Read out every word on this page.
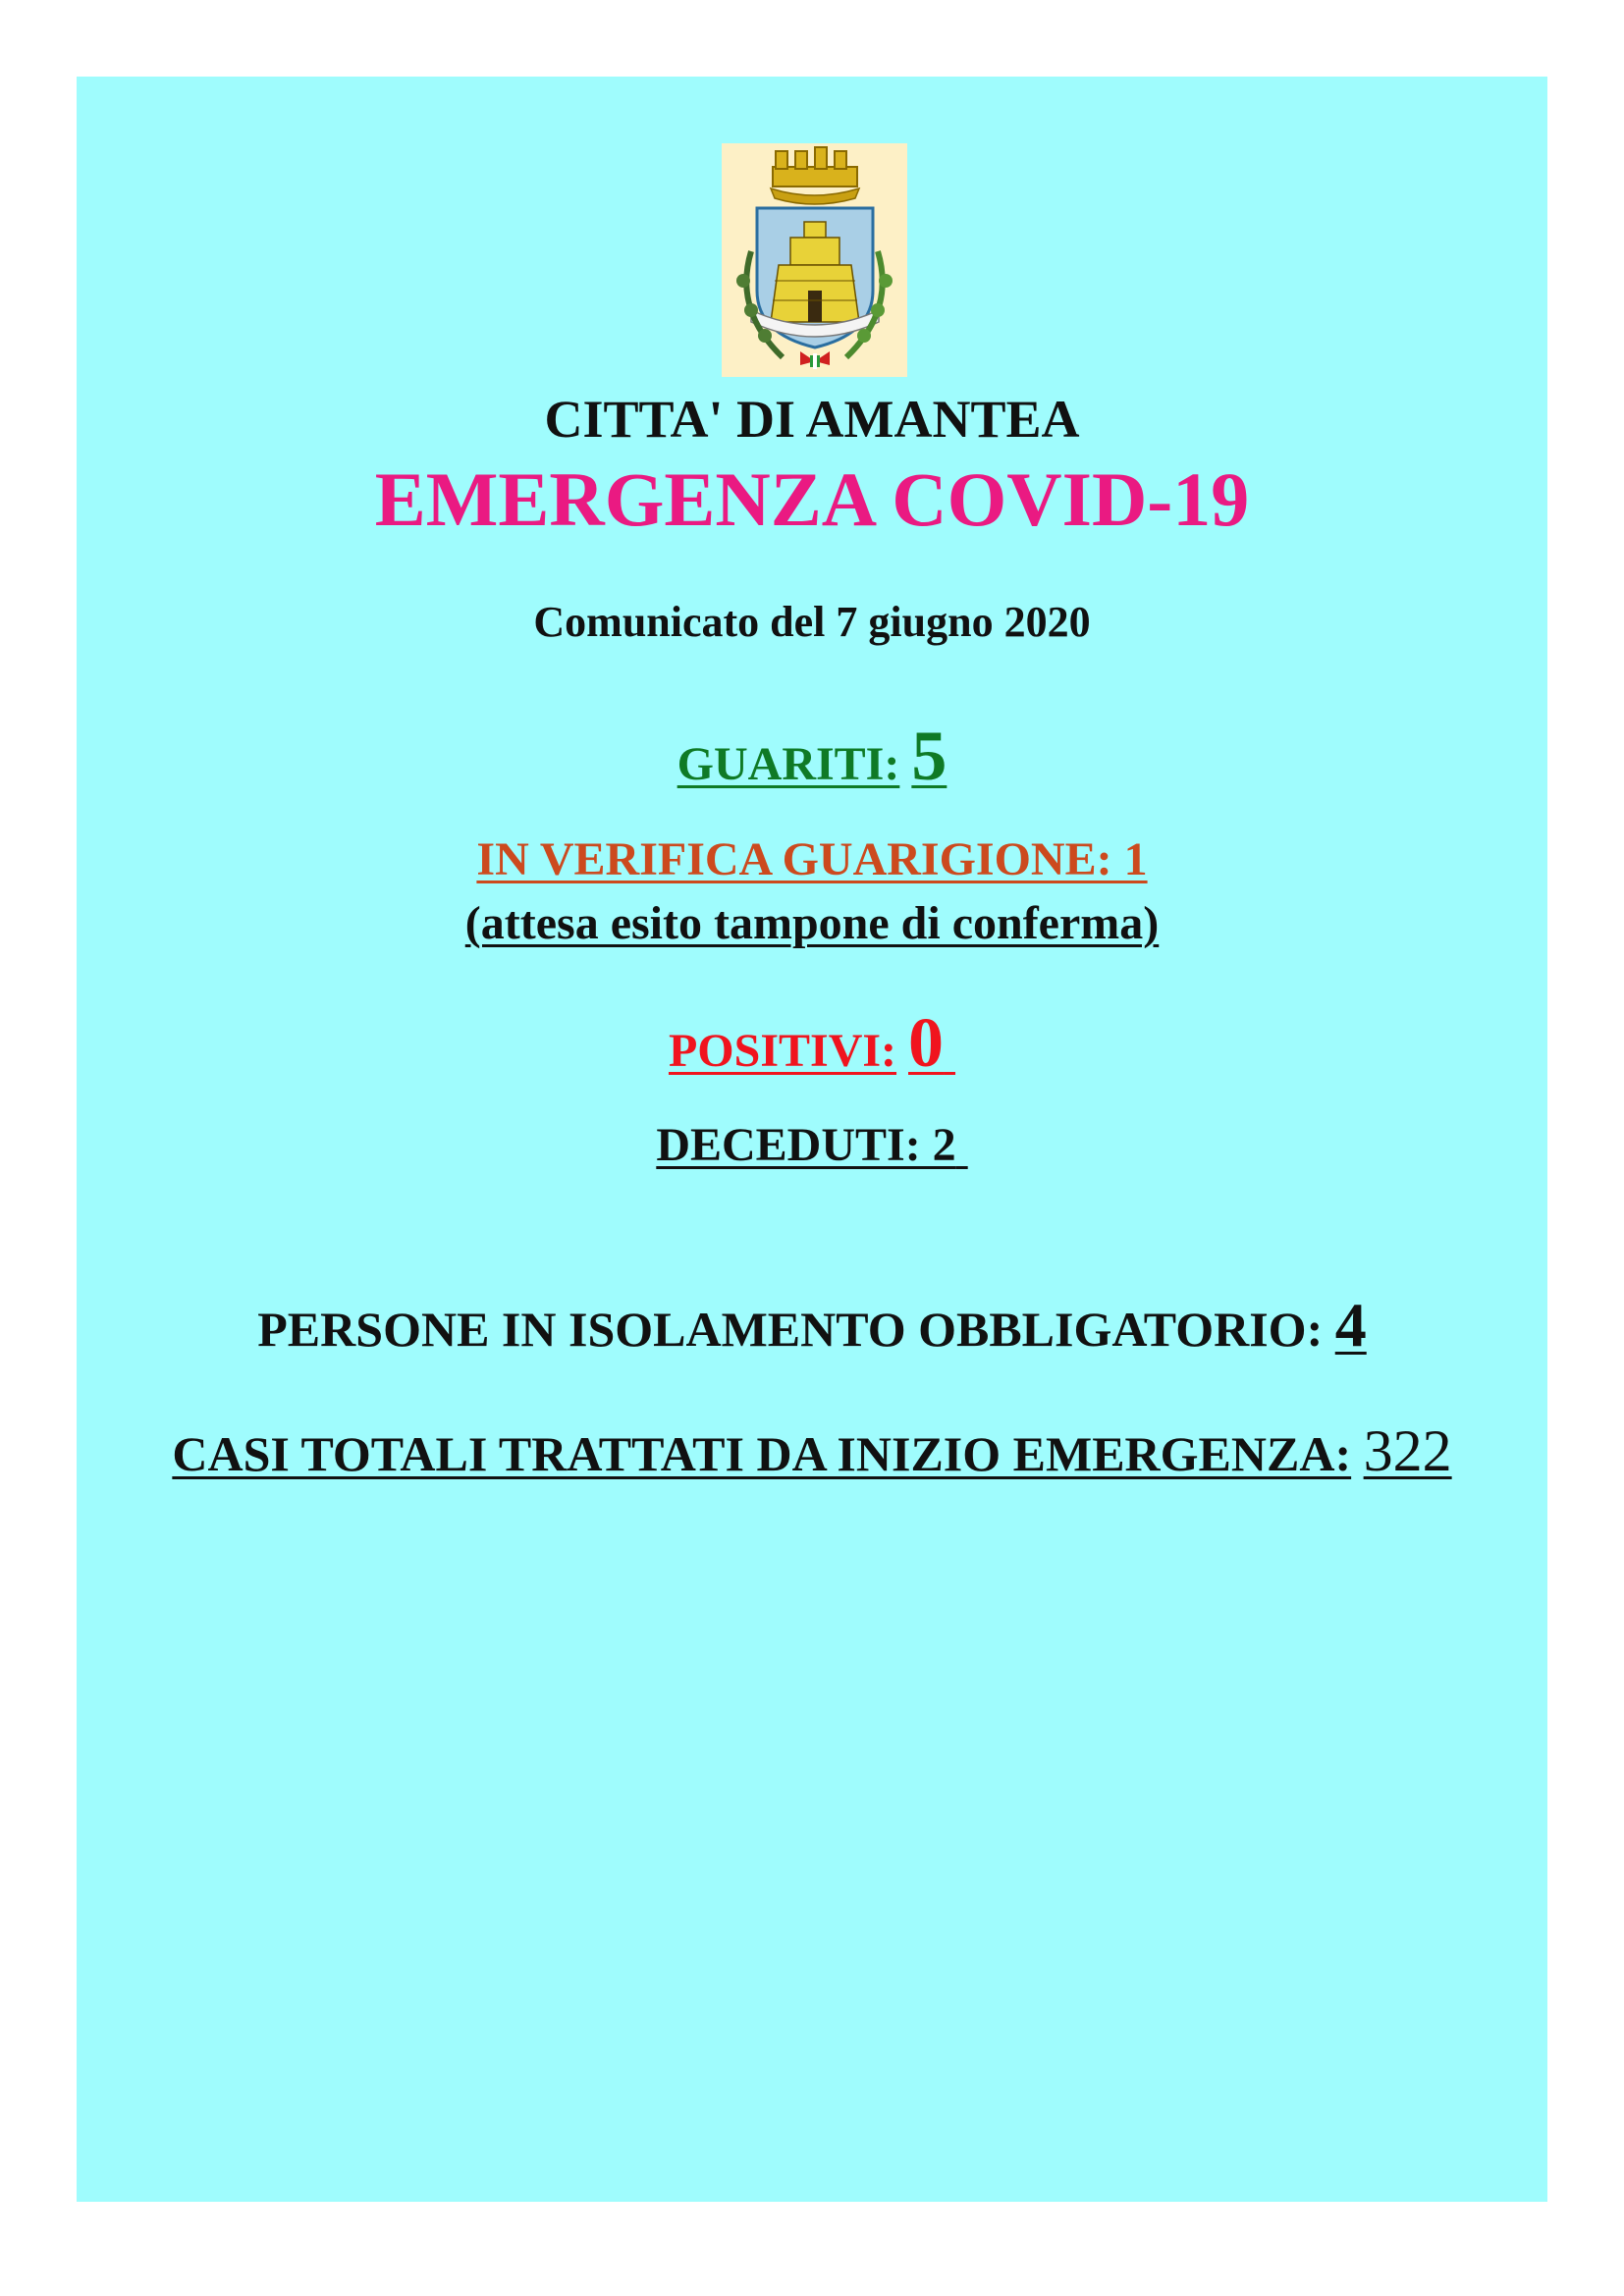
CITTA' DI AMANTEA
EMERGENZA COVID-19
Comunicato del 7 giugno 2020
GUARITI: 5
IN VERIFICA GUARIGIONE: 1
(attesa esito tampone di conferma)
POSITIVI: 0
DECEDUTI: 2
PERSONE IN ISOLAMENTO OBBLIGATORIO: 4
CASI TOTALI TRATTATI DA INIZIO EMERGENZA: 322
